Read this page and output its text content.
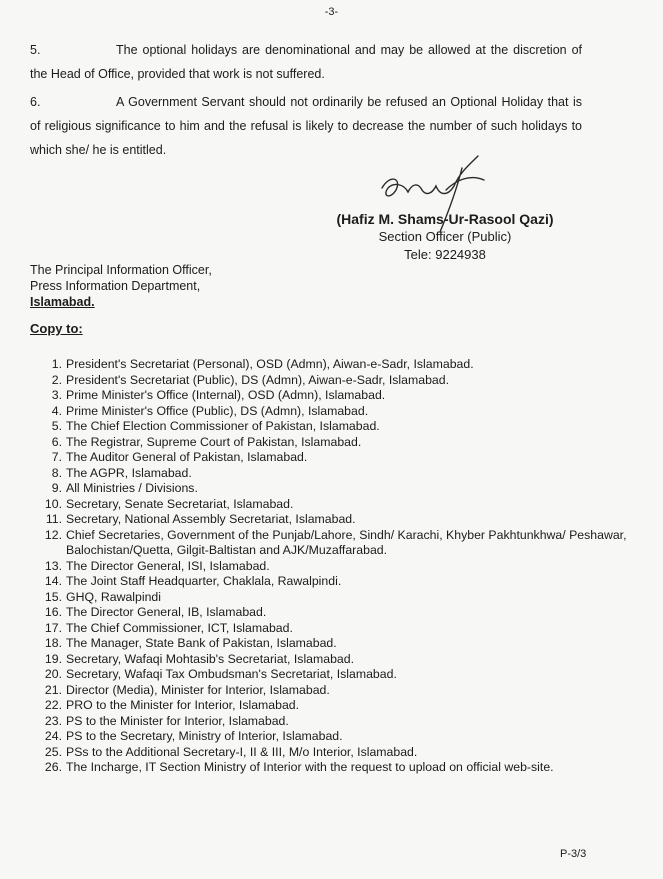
-3-
5.	The optional holidays are denominational and may be allowed at the discretion of the Head of Office, provided that work is not suffered.
6.	A Government Servant should not ordinarily be refused an Optional Holiday that is of religious significance to him and the refusal is likely to decrease the number of such holidays to which she/ he is entitled.
(Hafiz M. Shams-Ur-Rasool Qazi)
Section Officer (Public)
Tele: 9224938
The Principal Information Officer,
Press Information Department,
Islamabad.
Copy to:
1. President's Secretariat (Personal), OSD (Admn), Aiwan-e-Sadr, Islamabad.
2. President's Secretariat (Public), DS (Admn), Aiwan-e-Sadr, Islamabad.
3. Prime Minister's Office (Internal), OSD (Admn), Islamabad.
4. Prime Minister's Office (Public), DS (Admn), Islamabad.
5. The Chief Election Commissioner of Pakistan, Islamabad.
6. The Registrar, Supreme Court of Pakistan, Islamabad.
7. The Auditor General of Pakistan, Islamabad.
8. The AGPR, Islamabad.
9. All Ministries / Divisions.
10. Secretary, Senate Secretariat, Islamabad.
11. Secretary, National Assembly Secretariat, Islamabad.
12. Chief Secretaries, Government of the Punjab/Lahore, Sindh/ Karachi, Khyber Pakhtunkhwa/ Peshawar, Balochistan/Quetta, Gilgit-Baltistan and AJK/Muzaffarabad.
13. The Director General, ISI, Islamabad.
14. The Joint Staff Headquarter, Chaklala, Rawalpindi.
15. GHQ, Rawalpindi
16. The Director General, IB, Islamabad.
17. The Chief Commissioner, ICT, Islamabad.
18. The Manager, State Bank of Pakistan, Islamabad.
19. Secretary, Wafaqi Mohtasib's Secretariat, Islamabad.
20. Secretary, Wafaqi Tax Ombudsman's Secretariat, Islamabad.
21. Director (Media), Minister for Interior, Islamabad.
22. PRO to the Minister for Interior, Islamabad.
23. PS to the Minister for Interior, Islamabad.
24. PS to the Secretary, Ministry of Interior, Islamabad.
25. PSs to the Additional Secretary-I, II & III, M/o Interior, Islamabad.
26. The Incharge, IT Section Ministry of Interior with the request to upload on official web-site.
P-3/3
